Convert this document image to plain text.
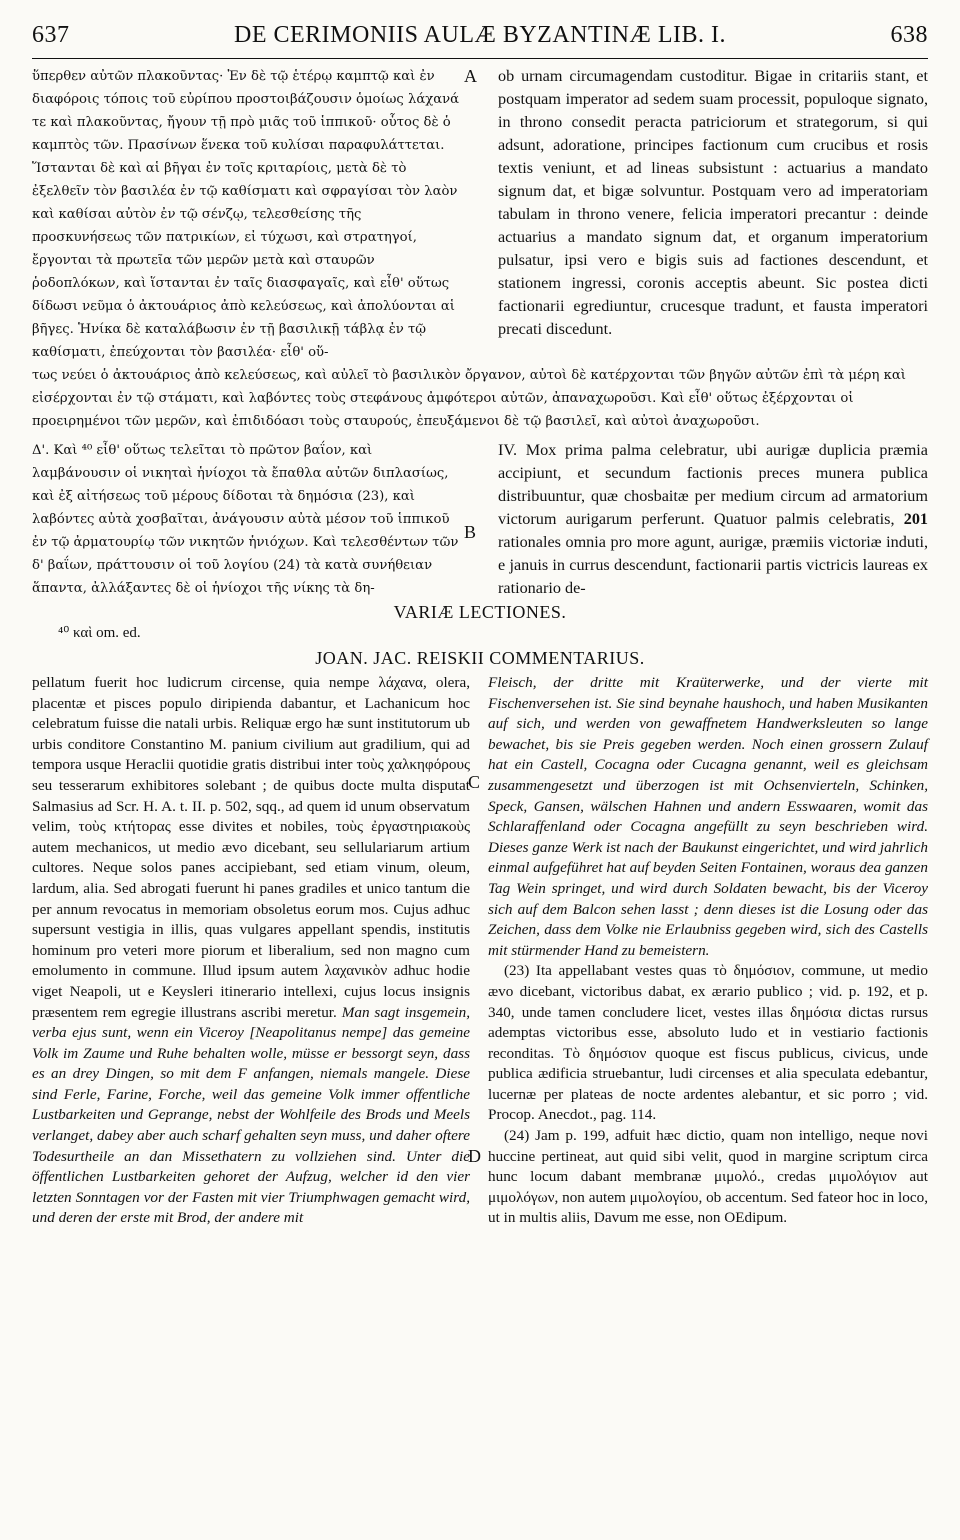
637	DE CERIMONIIS AULÆ BYZANTINÆ LIB. I.	638
A
B
C
D
ὕπερθεν αὐτῶν πλακοῦντας· Ἐν δὲ τῷ ἑτέρῳ καμπτῷ καὶ ἐν διαφόροις τόποις τοῦ εὐρίπου προστοιβάζουσιν ὁμοίως λάχανά τε καὶ πλακοῦντας, ἤγουν τῇ πρὸ μιᾶς τοῦ ἱππικοῦ· οὗτος δὲ ὁ καμπτὸς τῶν. Πρασίνων ἕνεκα τοῦ κυλίσαι παραφυλάττεται. Ἵστανται δὲ καὶ αἱ βῆγαι ἐν τοῖς κριταρίοις, μετὰ δὲ τὸ ἐξελθεῖν τὸν βασιλέα ἐν τῷ καθίσματι καὶ σφραγίσαι τὸν λαὸν καὶ καθίσαι αὐτὸν ἐν τῷ σένζῳ, τελεσθείσης τῆς προσκυνήσεως τῶν πατρικίων, εἰ τύχωσι, καὶ στρατηγοί, ἔργονται τὰ πρωτεῖα τῶν μερῶν μετὰ καὶ σταυρῶν ῥοδοπλόκων, καὶ ἵστανται ἐν ταῖς διασφαγαῖς, καὶ εἶθ' οὕτως δίδωσι νεῦμα ὁ ἀκτουάριος ἀπὸ κελεύσεως, καὶ ἀπολύονται αἱ βῆγες. Ἡνίκα δὲ καταλάβωσιν ἐν τῇ βασιλικῇ τάβλᾳ ἐν τῷ καθίσματι, ἐπεύχονται τὸν βασιλέα· εἶθ' οὕ-
ob urnam circumagendam custoditur. Bigae in critariis stant, et postquam imperator ad sedem suam processit, populoque signato, in throno consedit peracta patriciorum et strategorum, si qui adsunt, adoratione, principes factionum cum crucibus et rosis textis veniunt, et ad lineas subsistunt : actuarius a mandato signum dat, et bigæ solvuntur. Postquam vero ad imperatoriam tabulam in throno venere, felicia imperatori precantur : deinde actuarius a mandato signum dat, et organum imperatorium pulsatur, ipsi vero e bigis suis ad factiones descendunt, et stationem ingressi, coronis acceptis abeunt. Sic postea dicti factionarii egrediuntur, crucesque tradunt, et fausta imperatori precati discedunt.
τως νεύει ὁ ἀκτουάριος ἀπὸ κελεύσεως, καὶ αὐλεῖ τὸ βασιλικὸν ὄργανον, αὐτοὶ δὲ κατέρχονται τῶν βηγῶν αὐτῶν ἐπὶ τὰ μέρη καὶ εἰσέρχονται ἐν τῷ στάματι, καὶ λαβόντες τοὺς στεφάνους ἀμφότεροι αὐτῶν, ἀπαναχωροῦσι. Καὶ εἶθ' οὕτως ἐξέρχονται οἱ προειρημένοι τῶν μερῶν, καὶ ἐπιδιδόασι τοὺς σταυρούς, ἐπευξάμενοι δὲ τῷ βασιλεῖ, καὶ αὐτοὶ ἀναχωροῦσι.
Δ'. Καὶ ⁴⁰ εἶθ' οὕτως τελεῖται τὸ πρῶτον βαΐον, καὶ λαμβάνουσιν οἱ νικηταὶ ἡνίοχοι τὰ ἔπαθλα αὐτῶν διπλασίως, καὶ ἐξ αἰτήσεως τοῦ μέρους δίδοται τὰ δημόσια (23), καὶ λαβόντες αὐτὰ χοσβαῖται, ἀνάγουσιν αὐτὰ μέσον τοῦ ἱππικοῦ ἐν τῷ ἀρματουρίῳ τῶν νικητῶν ἡνιόχων. Καὶ τελεσθέντων τῶν δ' βαΐων, πράττουσιν οἱ τοῦ λογίου (24) τὰ κατὰ συνήθειαν ἅπαντα, ἀλλάξαντες δὲ οἱ ἡνίοχοι τῆς νίκης τὰ δη-
IV. Mox prima palma celebratur, ubi aurigæ duplicia præmia accipiunt, et secundum factionis preces munera publica distribuuntur, quæ chosbaitæ per medium circum ad armatorium victorum aurigarum perferunt. Quatuor palmis celebratis, 201 rationales omnia pro more agunt, aurigæ, præmiis victoriæ induti, e januis in currus descendunt, factionarii partis victricis laureas ex rationario de-
VARIÆ LECTIONES.
⁴⁰ καὶ om. ed.
JOAN. JAC. REISKII COMMENTARIUS.
pellatum fuerit hoc ludicrum circense, quia nempe λάχανα, olera, placentæ et pisces populo diripienda dabantur, et Lachanicum hoc celebratum fuisse die natali urbis. Reliquæ ergo hæ sunt institutorum ub urbis conditore Constantino M. panium civilium aut gradilium, qui ad tempora usque Heraclii quotidie gratis distribui inter τοὺς χαλκηφόρους seu tesserarum exhibitores solebant ; de quibus docte multa disputat Salmasius ad Scr. H. A. t. II. p. 502, sqq., ad quem id unum observatum velim, τοὺς κτήτορας esse divites et nobiles, τοὺς ἐργαστηριακοὺς autem mechanicos, ut medio ævo dicebant, seu sellulariarum artium cultores. Neque solos panes accipiebant, sed etiam vinum, oleum, lardum, alia. Sed abrogati fuerunt hi panes gradiles et unico tantum die per annum revocatus in memoriam obsoletus eorum mos. Cujus adhuc supersunt vestigia in illis, quas vulgares appellant spendis, institutis hominum pro veteri more piorum et liberalium, sed non magno cum emolumento in commune. Illud ipsum autem λαχανικὸν adhuc hodie viget Neapoli, ut e Keysleri itinerario intellexi, cujus locus insignis præsentem rem egregie illustrans ascribi meretur. Man sagt insgemein, verba ejus sunt, wenn ein Viceroy [Neapolitanus nempe] das gemeine Volk im Zaume und Ruhe behalten wolle, müsse er bessorgt seyn, dass es an drey Dingen, so mit dem F anfangen, niemals mangele. Diese sind Ferle, Farine, Forche, weil das gemeine Volk immer offentliche Lustbarkeiten und Geprange, nebst der Wohlfeile des Brods und Meels verlanget, dabey aber auch scharf gehalten seyn muss, und daher oftere Todesurtheile an dan Missethatern zu vollziehen sind. Unter die öffentlichen Lustbarkeiten gehoret der Aufzug, welcher id den vier letzten Sonntagen vor der Fasten mit vier Triumphwagen gemacht wird, und deren der erste mit Brod, der andere mit

Fleisch, der dritte mit Kraüterwerke, und der vierte mit Fischenversehen ist. Sie sind beynahe haushoch, und haben Musikanten auf sich, und werden von gewaffnetem Handwerksleuten so lange bewachet, bis sie Preis gegeben werden. Noch einen grossern Zulauf hat ein Castell, Cocagna oder Cucagna genannt, weil es gleichsam zusammengesetzt und überzogen ist mit Ochsenvierteln, Schinken, Speck, Gansen, wälschen Hahnen und andern Esswaaren, womit das Schlaraffenland oder Cocagna angefüllt zu seyn beschrieben wird. Dieses ganze Werk ist nach der Baukunst eingerichtet, und wird jahrlich einmal aufgeführet hat auf beyden Seiten Fontainen, woraus dea ganzen Tag Wein springet, und wird durch Soldaten bewacht, bis der Viceroy sich auf dem Balcon sehen lasst ; denn dieses ist die Losung oder das Zeichen, dass dem Volke nie Erlaubniss gegeben wird, sich des Castells mit stürmender Hand zu bemeistern.

(23) Ita appellabant vestes quas τὸ δημόσιον, commune, ut medio ævo dicebant, victoribus dabat, ex ærario publico ; vid. p. 192, et p. 340, unde tamen concludere licet, vestes illas δημόσια dictas rursus ademptas victoribus esse, absoluto ludo et in vestiario factionis reconditas. Τὸ δημόσιον quoque est fiscus publicus, civicus, unde publica ædificia struebantur, ludi circenses et alia speculata edebantur, lucernæ per plateas de nocte ardentes alebantur, et sic porro ; vid. Procop. Anecdot., pag. 114.

(24) Jam p. 199, adfuit hæc dictio, quam non intelligo, neque novi huccine pertineat, aut quid sibi velit, quod in margine scriptum circa hunc locum dabant membranæ μιμολό., credas μιμολόγιον aut μιμολόγων, non autem μιμολογίου, ob accentum. Sed fateor hoc in loco, ut in multis aliis, Davum me esse, non OEdipum.
